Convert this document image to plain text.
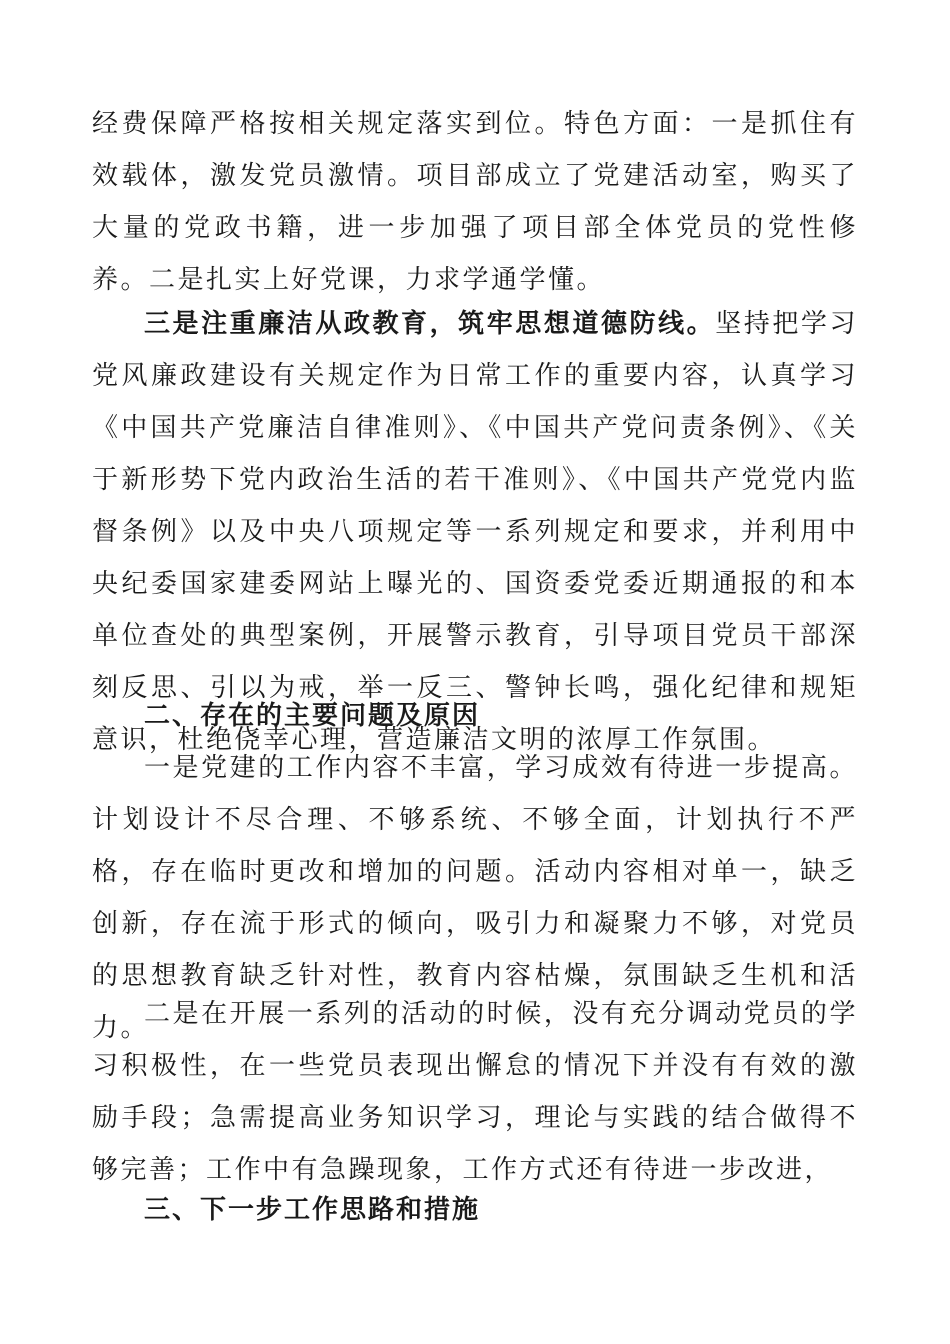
经费保障严格按相关规定落实到位。特色方面：一是抓住有效载体，激发党员激情。项目部成立了党建活动室，购买了大量的党政书籍，进一步加强了项目部全体党员的党性修养。二是扎实上好党课，力求学通学懂。

三是注重廉洁从政教育，筑牢思想道德防线。坚持把学习党风廉政建设有关规定作为日常工作的重要内容，认真学习《中国共产党廉洁自律准则》、《中国共产党问责条例》、《关于新形势下党内政治生活的若干准则》、《中国共产党党内监督条例》以及中央八项规定等一系列规定和要求，并利用中央纪委国家建委网站上曝光的、国资委党委近期通报的和本单位查处的典型案例，开展警示教育，引导项目党员干部深刻反思、引以为戒，举一反三、警钟长鸣，强化纪律和规矩意识，杜绝侥幸心理，营造廉洁文明的浓厚工作氛围。

二、存在的主要问题及原因

一是党建的工作内容不丰富，学习成效有待进一步提高。计划设计不尽合理、不够系统、不够全面，计划执行不严格，存在临时更改和增加的问题。活动内容相对单一，缺乏创新，存在流于形式的倾向，吸引力和凝聚力不够，对党员的思想教育缺乏针对性，教育内容枯燥，氛围缺乏生机和活力。

二是在开展一系列的活动的时候，没有充分调动党员的学习积极性，在一些党员表现出懈怠的情况下并没有有效的激励手段；急需提高业务知识学习，理论与实践的结合做得不够完善；工作中有急躁现象，工作方式还有待进一步改进，

三、下一步工作思路和措施
